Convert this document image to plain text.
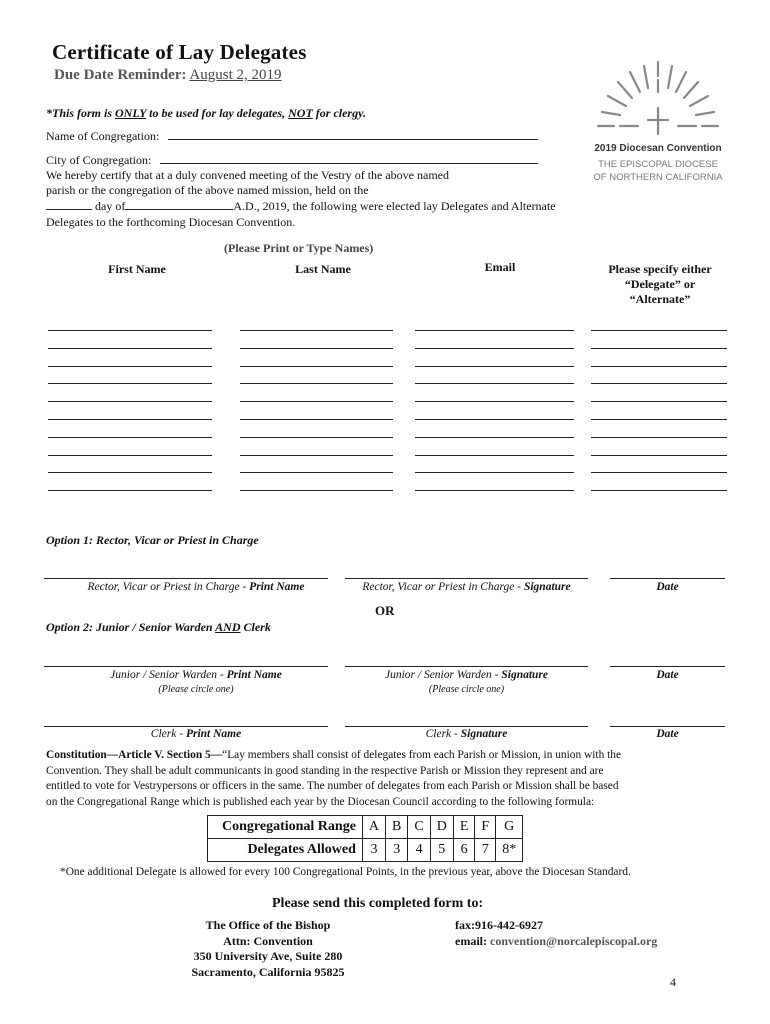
Certificate of Lay Delegates
Due Date Reminder: August 2, 2019
2019 Diocesan Convention
THE EPISCOPAL DIOCESE
OF NORTHERN CALIFORNIA
*This form is ONLY to be used for lay delegates, NOT for clergy.
Name of Congregation:
City of Congregation:
We hereby certify that at a duly convened meeting of the Vestry of the above named
parish or the congregation of the above named mission, held on the
day of	A.D., 2019, the following were elected lay Delegates and Alternate
Delegates to the forthcoming Diocesan Convention.
(Please Print or Type Names)
First Name	Last Name	Email	Please specify either
“Delegate” or
“Alternate”
Option 1: Rector, Vicar or Priest in Charge
Rector, Vicar or Priest in Charge - Print Name	Rector, Vicar or Priest in Charge - Signature	Date
OR
Option 2: Junior / Senior Warden AND Clerk
Junior / Senior Warden - Print Name	Junior / Senior Warden - Signature	Date
(Please circle one)	(Please circle one)
Clerk - Print Name	Clerk - Signature	Date
Constitution—Article V. Section 5—“Lay members shall consist of delegates from each Parish or Mission, in union with the
Convention. They shall be adult communicants in good standing in the respective Parish or Mission they represent and are
entitled to vote for Vestrypersons or officers in the same. The number of delegates from each Parish or Mission shall be based
on the Congregational Range which is published each year by the Diocesan Council according to the following formula:
Congregational Range	A	B	C	D	E	F	G
Delegates Allowed	3	3	4	5	6	7	8*
*One additional Delegate is allowed for every 100 Congregational Points, in the previous year, above the Diocesan Standard.
Please send this completed form to:
The Office of the Bishop
Attn: Convention
350 University Ave, Suite 280
Sacramento, California 95825
fax:916-442-6927
email: convention@norcalepiscopal.org
4
